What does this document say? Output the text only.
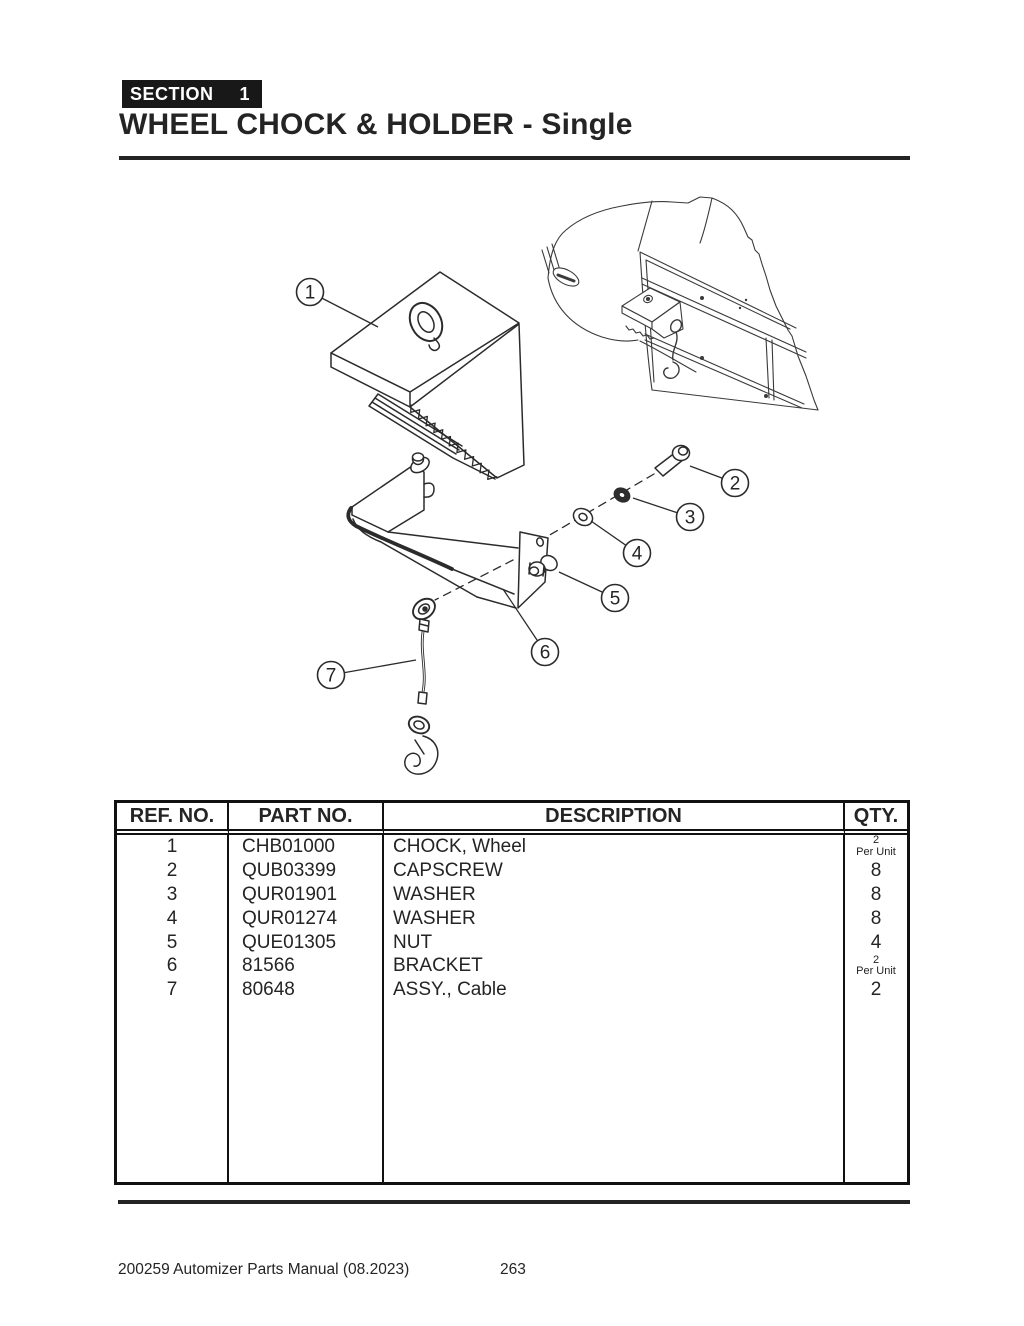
SECTION 1
WHEEL CHOCK & HOLDER - Single
1
2
3
4
5
6
7
REF. NO.	PART NO.	DESCRIPTION	QTY.
1	CHB01000	CHOCK, Wheel	2
Per Unit
2	QUB03399	CAPSCREW	8
3	QUR01901	WASHER	8
4	QUR01274	WASHER	8
5	QUE01305	NUT	4
6	81566	BRACKET	2
Per Unit
7	80648	ASSY., Cable	2
200259 Automizer Parts Manual (08.2023)	263
